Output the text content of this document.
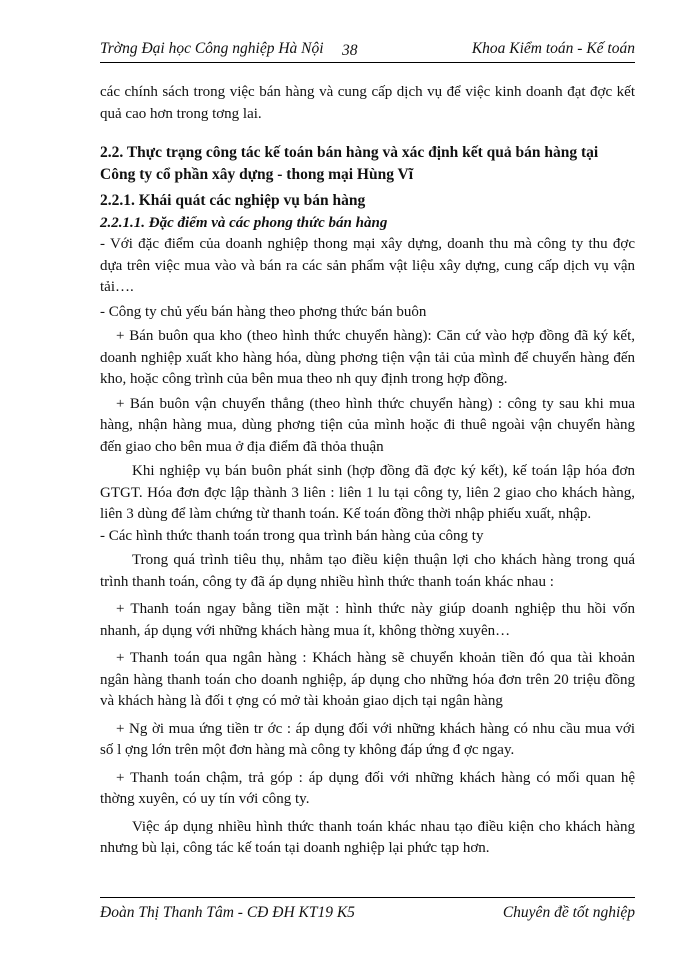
Trờng Đại học Công nghiệp Hà Nội 38	Khoa Kiểm toán - Kế toán

các chính sách trong việc bán hàng và cung cấp dịch vụ để việc kinh doanh đạt đợc kết quả cao hơn trong tơng lai.

2.2. Thực trạng công tác kế toán bán hàng và xác định kết quả bán hàng tại Công ty cổ phần xây dựng - thong mại Hùng Vĩ

2.2.1. Khái quát các nghiệp vụ bán hàng

2.2.1.1. Đặc điểm và các phong thức bán hàng

- Với đặc điểm của doanh nghiệp thong mại xây dựng, doanh thu mà công ty thu đợc dựa trên việc mua vào và bán ra các sản phẩm vật liệu xây dựng, cung cấp dịch vụ vận tải….

- Công ty chủ yếu bán hàng theo phơng thức bán buôn

+ Bán buôn qua kho (theo hình thức chuyển hàng): Căn cứ vào hợp đồng đã ký kết, doanh nghiệp xuất kho hàng hóa, dùng phơng tiện vận tải của mình để chuyển hàng đến kho, hoặc công trình của bên mua theo nh quy định trong hợp đồng.

+ Bán buôn vận chuyển thẳng (theo hình thức chuyển hàng) : công ty sau khi mua hàng, nhận hàng mua, dùng phơng tiện của mình hoặc đi thuê ngoài vận chuyển hàng đến giao cho bên mua ở địa điểm đã thỏa thuận

Khi nghiệp vụ bán buôn phát sinh (hợp đồng đã đợc ký kết), kế toán lập hóa đơn GTGT. Hóa đơn đợc lập thành 3 liên : liên 1 lu tại công ty, liên 2 giao cho khách hàng, liên 3 dùng để làm chứng từ thanh toán. Kế toán đồng thời nhập phiếu xuất, nhập.

- Các hình thức thanh toán trong qua trình bán hàng của công ty

Trong quá trình tiêu thụ, nhằm tạo điều kiện thuận lợi cho khách hàng trong quá trình thanh toán, công ty đã áp dụng nhiều hình thức thanh toán khác nhau :

+ Thanh toán ngay bằng tiền mặt : hình thức này giúp doanh nghiệp thu hồi vốn nhanh, áp dụng với những khách hàng mua ít, không thờng xuyên…

+ Thanh toán qua ngân hàng : Khách hàng sẽ chuyển khoản tiền đó qua tài khoản ngân hàng thanh toán cho doanh nghiệp, áp dụng cho những hóa đơn trên 20 triệu đồng và khách hàng là đối t ợng có mở tài khoản giao dịch tại ngân hàng

+ Ng ời mua ứng tiền tr ớc : áp dụng đối với những khách hàng có nhu cầu mua với số l ợng lớn trên một đơn hàng mà công ty không đáp ứng đ ợc ngay.

+ Thanh toán chậm, trả góp : áp dụng đối với những khách hàng có mối quan hệ thờng xuyên, có uy tín với công ty.

Việc áp dụng nhiều hình thức thanh toán khác nhau tạo điều kiện cho khách hàng nhưng bù lại, công tác kế toán tại doanh nghiệp lại phức tạp hơn.

Đoàn Thị Thanh Tâm - CĐ ĐH KT19 K5	Chuyên đề tốt nghiệp
